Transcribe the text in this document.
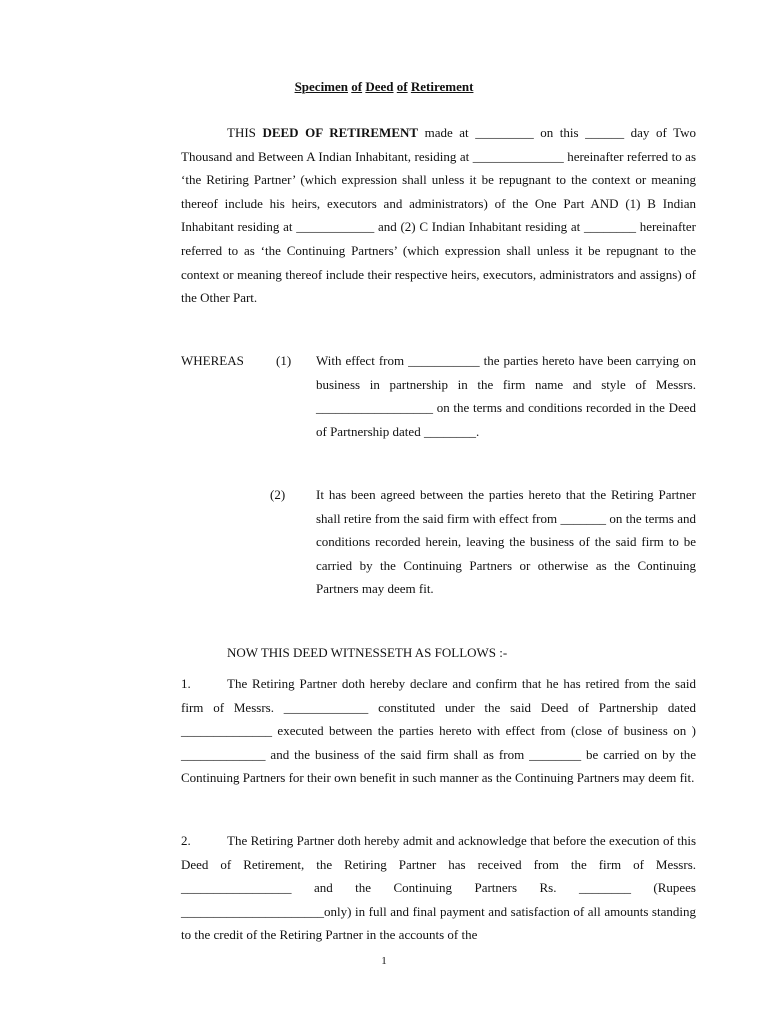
Specimen of Deed of Retirement

THIS DEED OF RETIREMENT made at _________ on this ______ day of Two Thousand and Between A Indian Inhabitant, residing at ______________ hereinafter referred to as ‘the Retiring Partner’ (which expression shall unless it be repugnant to the context or meaning thereof include his heirs, executors and administrators) of the One Part AND (1) B Indian Inhabitant residing at ____________ and (2) C Indian Inhabitant residing at ________ hereinafter referred to as ‘the Continuing Partners’ (which expression shall unless it be repugnant to the context or meaning thereof include their respective heirs, executors, administrators and assigns) of the Other Part.

WHEREAS (1) With effect from ___________ the parties hereto have been carrying on business in partnership in the firm name and style of Messrs. __________________ on the terms and conditions recorded in the Deed of Partnership dated ________.

(2) It has been agreed between the parties hereto that the Retiring Partner shall retire from the said firm with effect from _______ on the terms and conditions recorded herein, leaving the business of the said firm to be carried by the Continuing Partners or otherwise as the Continuing Partners may deem fit.

NOW THIS DEED WITNESSETH AS FOLLOWS :-

1.	The Retiring Partner doth hereby declare and confirm that he has retired from the said firm of Messrs. _____________ constituted under the said Deed of Partnership dated ______________ executed between the parties hereto with effect from (close of business on ) _____________ and the business of the said firm shall as from ________ be carried on by the Continuing Partners for their own benefit in such manner as the Continuing Partners may deem fit.

2.	The Retiring Partner doth hereby admit and acknowledge that before the execution of this Deed of Retirement, the Retiring Partner has received from the firm of Messrs. _________________ and the Continuing Partners Rs. ________ (Rupees ______________________only) in full and final payment and satisfaction of all amounts standing to the credit of the Retiring Partner in the accounts of the

1
